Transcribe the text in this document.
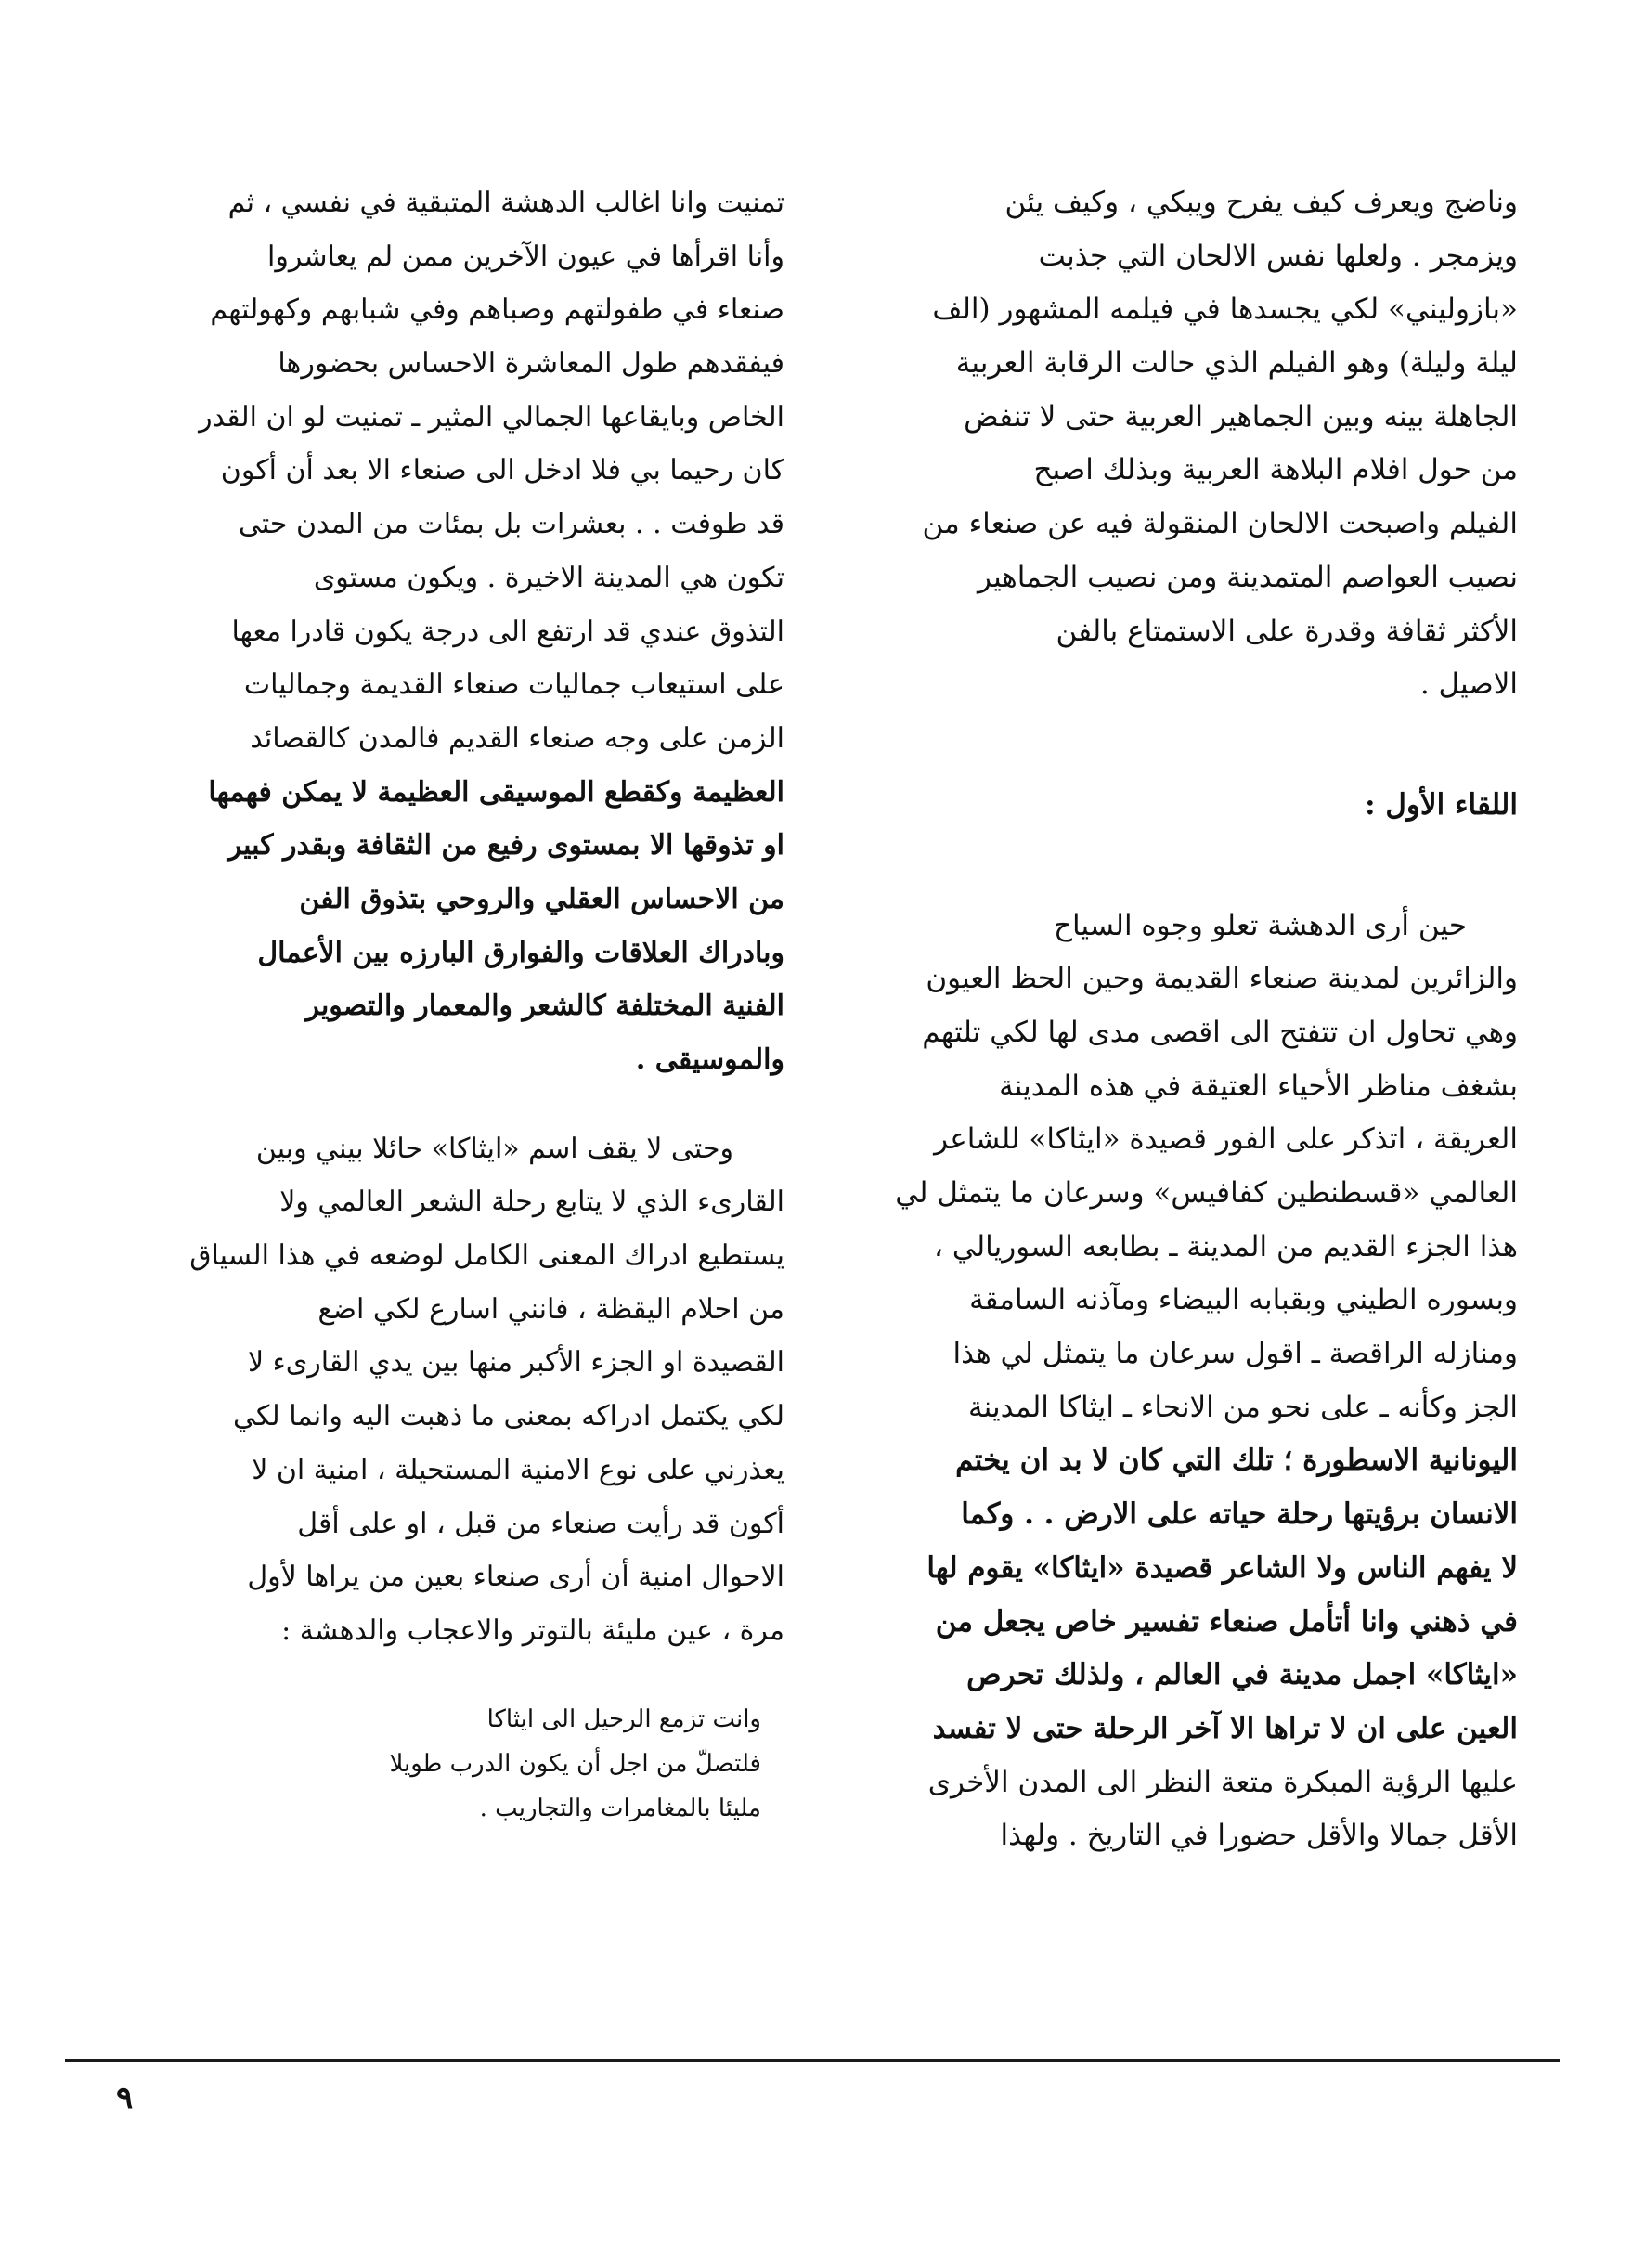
وناضج ويعرف كيف يفرح ويبكي ، وكيف يئن
ويزمجر . ولعلها نفس الالحان التي جذبت
«بازوليني» لكي يجسدها في فيلمه المشهور (الف
ليلة وليلة) وهو الفيلم الذي حالت الرقابة العربية
الجاهلة بينه وبين الجماهير العربية حتى لا تنفض
من حول افلام البلاهة العربية وبذلك اصبح
الفيلم واصبحت الالحان المنقولة فيه عن صنعاء من
نصيب العواصم المتمدينة ومن نصيب الجماهير
الأكثر ثقافة وقدرة على الاستمتاع بالفن
الاصيل .
اللقاء الأول :
حين أرى الدهشة تعلو وجوه السياح
والزائرين لمدينة صنعاء القديمة وحين الحظ العيون
وهي تحاول ان تتفتح الى اقصى مدى لها لكي تلتهم
بشغف مناظر الأحياء العتيقة في هذه المدينة
العريقة ، اتذكر على الفور قصيدة «ايثاكا» للشاعر
العالمي «قسطنطين كفافيس» وسرعان ما يتمثل لي
هذا الجزء القديم من المدينة ـ بطابعه السوريالي ،
وبسوره الطيني وبقبابه البيضاء ومآذنه السامقة
ومنازله الراقصة ـ اقول سرعان ما يتمثل لي هذا
الجز وكأنه ـ على نحو من الانحاء ـ ايثاكا المدينة
اليونانية الاسطورة ؛ تلك التي كان لا بد ان يختم
الانسان برؤيتها رحلة حياته على الارض . . وكما
لا يفهم الناس ولا الشاعر قصيدة «ايثاكا» يقوم لها
في ذهني وانا أتأمل صنعاء تفسير خاص يجعل من
«ايثاكا» اجمل مدينة في العالم ، ولذلك تحرص
العين على ان لا تراها الا آخر الرحلة حتى لا تفسد
عليها الرؤية المبكرة متعة النظر الى المدن الأخرى
الأقل جمالا والأقل حضورا في التاريخ . ولهذا
تمنيت وانا اغالب الدهشة المتبقية في نفسي ، ثم
وأنا اقرأها في عيون الآخرين ممن لم يعاشروا
صنعاء في طفولتهم وصباهم وفي شبابهم وكهولتهم
فيفقدهم طول المعاشرة الاحساس بحضورها
الخاص وبايقاعها الجمالي المثير ـ تمنيت لو ان القدر
كان رحيما بي فلا ادخل الى صنعاء الا بعد أن أكون
قد طوفت . . بعشرات بل بمئات من المدن حتى
تكون هي المدينة الاخيرة . ويكون مستوى
التذوق عندي قد ارتفع الى درجة يكون قادرا معها
على استيعاب جماليات صنعاء القديمة وجماليات
الزمن على وجه صنعاء القديم فالمدن كالقصائد
العظيمة وكقطع الموسيقى العظيمة لا يمكن فهمها
او تذوقها الا بمستوى رفيع من الثقافة وبقدر كبير
من الاحساس العقلي والروحي بتذوق الفن
وبادراك العلاقات والفوارق البارزه بين الأعمال
الفنية المختلفة كالشعر والمعمار والتصوير
والموسيقى .
وحتى لا يقف اسم «ايثاكا» حائلا بيني وبين
القارىء الذي لا يتابع رحلة الشعر العالمي ولا
يستطيع ادراك المعنى الكامل لوضعه في هذا السياق
من احلام اليقظة ، فانني اسارع لكي اضع
القصيدة او الجزء الأكبر منها بين يدي القارىء لا
لكي يكتمل ادراكه بمعنى ما ذهبت اليه وانما لكي
يعذرني على نوع الامنية المستحيلة ، امنية ان لا
أكون قد رأيت صنعاء من قبل ، او على أقل
الاحوال امنية أن أرى صنعاء بعين من يراها لأول
مرة ، عين مليئة بالتوتر والاعجاب والدهشة :
وانت تزمع الرحيل الى ايثاكا
فلتصلّ من اجل أن يكون الدرب طويلا
مليئا بالمغامرات والتجاريب .
٩
